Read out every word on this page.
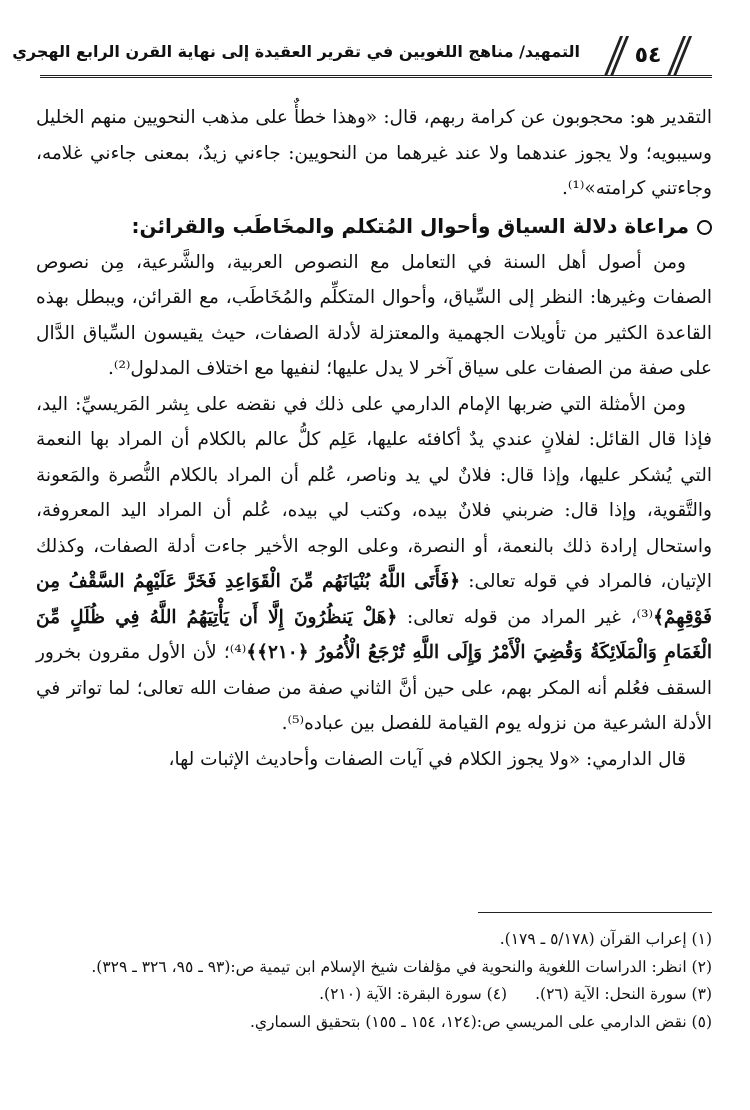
التمهيد/ مناهج اللغويين في تقرير العقيدة إلى نهاية القرن الرابع الهجري ٥٤

التقدير هو: محجوبون عن كرامة ربهم، قال: «وهذا خطأٌ على مذهب النحويين منهم الخليل وسيبويه؛ ولا يجوز عندهما ولا عند غيرهما من النحويين: جاءني زيدٌ، بمعنى جاءني غلامه، وجاءتني كرامته»⁽¹⁾.

مراعاة دلالة السياق وأحوال المُتكلم والمخَاطَب والقرائن:

ومن أصول أهل السنة في التعامل مع النصوص العربية، والشَّرعية، مِن نصوص الصفات وغيرها: النظر إلى السِّياق، وأحوال المتكلِّم والمُخَاطَب، مع القرائن، ويبطل بهذه القاعدة الكثير من تأويلات الجهمية والمعتزلة لأدلة الصفات، حيث يقيسون السِّياق الدَّال على صفة من الصفات على سياق آخر لا يدل عليها؛ لنفيها مع اختلاف المدلول⁽²⁾.

ومن الأمثلة التي ضربها الإمام الدارمي على ذلك في نقضه على بِشر المَريسيِّ: اليد، فإذا قال القائل: لفلانٍ عندي يدٌ أكافئه عليها، عَلِم كلُّ عالم بالكلام أن المراد بها النعمة التي يُشكر عليها، وإذا قال: فلانٌ لي يد وناصر، عُلم أن المراد بالكلام النُّصرة والمَعونة والتَّقوية، وإذا قال: ضربني فلانٌ بيده، وكتب لي بيده، عُلم أن المراد اليد المعروفة، واستحال إرادة ذلك بالنعمة، أو النصرة، وعلى الوجه الأخير جاءت أدلة الصفات، وكذلك الإتيان، فالمراد في قوله تعالى: ﴿فَأَتَى اللَّهُ بُنْيَانَهُم مِّنَ الْقَوَاعِدِ فَخَرَّ عَلَيْهِمُ السَّقْفُ مِن فَوْقِهِمْ﴾⁽³⁾، غير المراد من قوله تعالى: ﴿هَلْ يَنظُرُونَ إِلَّا أَن يَأْتِيَهُمُ اللَّهُ فِي ظُلَلٍ مِّنَ الْغَمَامِ وَالْمَلَائِكَةُ وَقُضِيَ الْأَمْرُ وَإِلَى اللَّهِ تُرْجَعُ الْأُمُورُ ﴿٢١٠﴾﴾⁽⁴⁾؛ لأن الأول مقرون بخرور السقف فعُلم أنه المكر بهم، على حين أنَّ الثاني صفة من صفات الله تعالى؛ لما تواتر في الأدلة الشرعية من نزوله يوم القيامة للفصل بين عباده⁽⁵⁾.

قال الدارمي: «ولا يجوز الكلام في آيات الصفات وأحاديث الإثبات لها،

(١) إعراب القرآن (٥/١٧٨ ـ ١٧٩).

(٢) انظر: الدراسات اللغوية والنحوية في مؤلفات شيخ الإسلام ابن تيمية ص:(٩٣ ـ ٩٥، ٣٢٦ ـ ٣٢٩).

(٣) سورة النحل: الآية (٢٦).
(٤) سورة البقرة: الآية (٢١٠).

(٥) نقض الدارمي على المريسي ص:(١٢٤، ١٥٤ ـ ١٥٥) بتحقيق السماري.
